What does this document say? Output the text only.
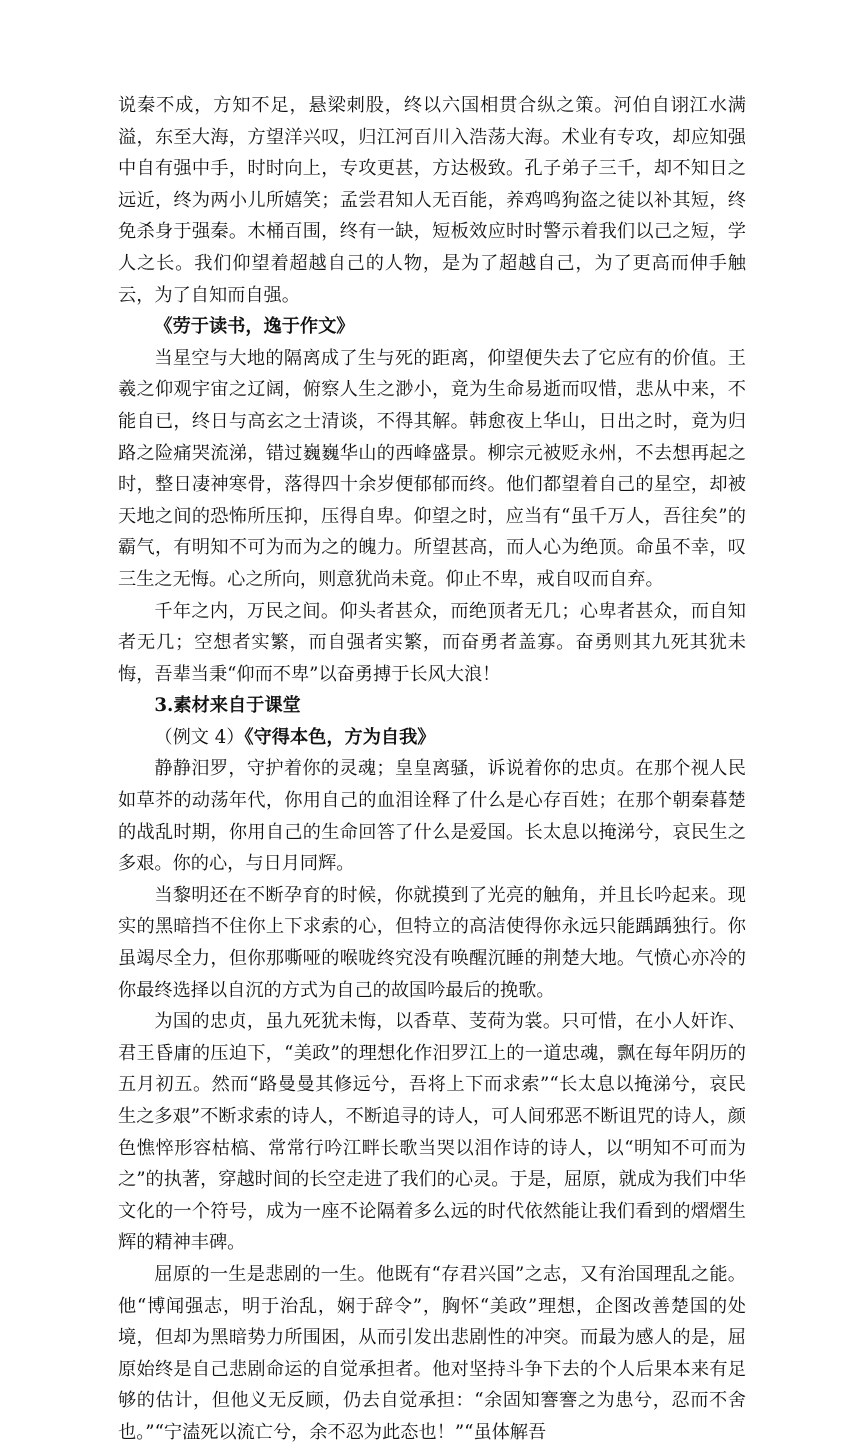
说秦不成，方知不足，悬梁刺股，终以六国相贯合纵之策。河伯自诩江水满溢，东至大海，方望洋兴叹，归江河百川入浩荡大海。术业有专攻，却应知强中自有强中手，时时向上，专攻更甚，方达极致。孔子弟子三千，却不知日之远近，终为两小儿所嬉笑；孟尝君知人无百能，养鸡鸣狗盗之徒以补其短，终免杀身于强秦。木桶百围，终有一缺，短板效应时时警示着我们以己之短，学人之长。我们仰望着超越自己的人物，是为了超越自己，为了更高而伸手触云，为了自知而自强。

《劳于读书，逸于作文》

当星空与大地的隔离成了生与死的距离，仰望便失去了它应有的价值。王羲之仰观宇宙之辽阔，俯察人生之渺小，竟为生命易逝而叹惜，悲从中来，不能自已，终日与高玄之士清谈，不得其解。韩愈夜上华山，日出之时，竟为归路之险痛哭流涕，错过巍巍华山的西峰盛景。柳宗元被贬永州，不去想再起之时，整日凄神寒骨，落得四十余岁便郁郁而终。他们都望着自己的星空，却被天地之间的恐怖所压抑，压得自卑。仰望之时，应当有“虽千万人，吾往矣”的霸气，有明知不可为而为之的魄力。所望甚高，而人心为绝顶。命虽不幸，叹三生之无悔。心之所向，则意犹尚未竟。仰止不卑，戒自叹而自弃。

千年之内，万民之间。仰头者甚众，而绝顶者无几；心卑者甚众，而自知者无几；空想者实繁，而自强者实繁，而奋勇者盖寡。奋勇则其九死其犹未悔，吾辈当秉“仰而不卑”以奋勇搏于长风大浪！

3.素材来自于课堂

（例文 4）《守得本色，方为自我》

静静汨罗，守护着你的灵魂；皇皇离骚，诉说着你的忠贞。在那个视人民如草芥的动荡年代，你用自己的血泪诠释了什么是心存百姓；在那个朝秦暮楚的战乱时期，你用自己的生命回答了什么是爱国。长太息以掩涕兮，哀民生之多艰。你的心，与日月同辉。

当黎明还在不断孕育的时候，你就摸到了光亮的触角，并且长吟起来。现实的黑暗挡不住你上下求索的心，但特立的高洁使得你永远只能踽踽独行。你虽竭尽全力，但你那嘶哑的喉咙终究没有唤醒沉睡的荆楚大地。气愤心亦冷的你最终选择以自沉的方式为自己的故国吟最后的挽歌。

为国的忠贞，虽九死犹未悔，以香草、芰荷为裳。只可惜，在小人奸诈、君王昏庸的压迫下，“美政”的理想化作汨罗江上的一道忠魂，飘在每年阴历的五月初五。然而“路曼曼其修远兮，吾将上下而求索”“长太息以掩涕兮，哀民生之多艰”不断求索的诗人，不断追寻的诗人，可人间邪恶不断诅咒的诗人，颜色憔悴形容枯槁、常常行吟江畔长歌当哭以泪作诗的诗人，以“明知不可而为之”的执著，穿越时间的长空走进了我们的心灵。于是，屈原，就成为我们中华文化的一个符号，成为一座不论隔着多么远的时代依然能让我们看到的熠熠生辉的精神丰碑。

屈原的一生是悲剧的一生。他既有“存君兴国”之志，又有治国理乱之能。他“博闻强志，明于治乱，娴于辞令”，胸怀“美政”理想，企图改善楚国的处境，但却为黑暗势力所围困，从而引发出悲剧性的冲突。而最为感人的是，屈原始终是自己悲剧命运的自觉承担者。他对坚持斗争下去的个人后果本来有足够的估计，但他义无反顾，仍去自觉承担：“余固知謇謇之为患兮，忍而不舍也。”“宁溘死以流亡兮，余不忍为此态也！”“虽体解吾
